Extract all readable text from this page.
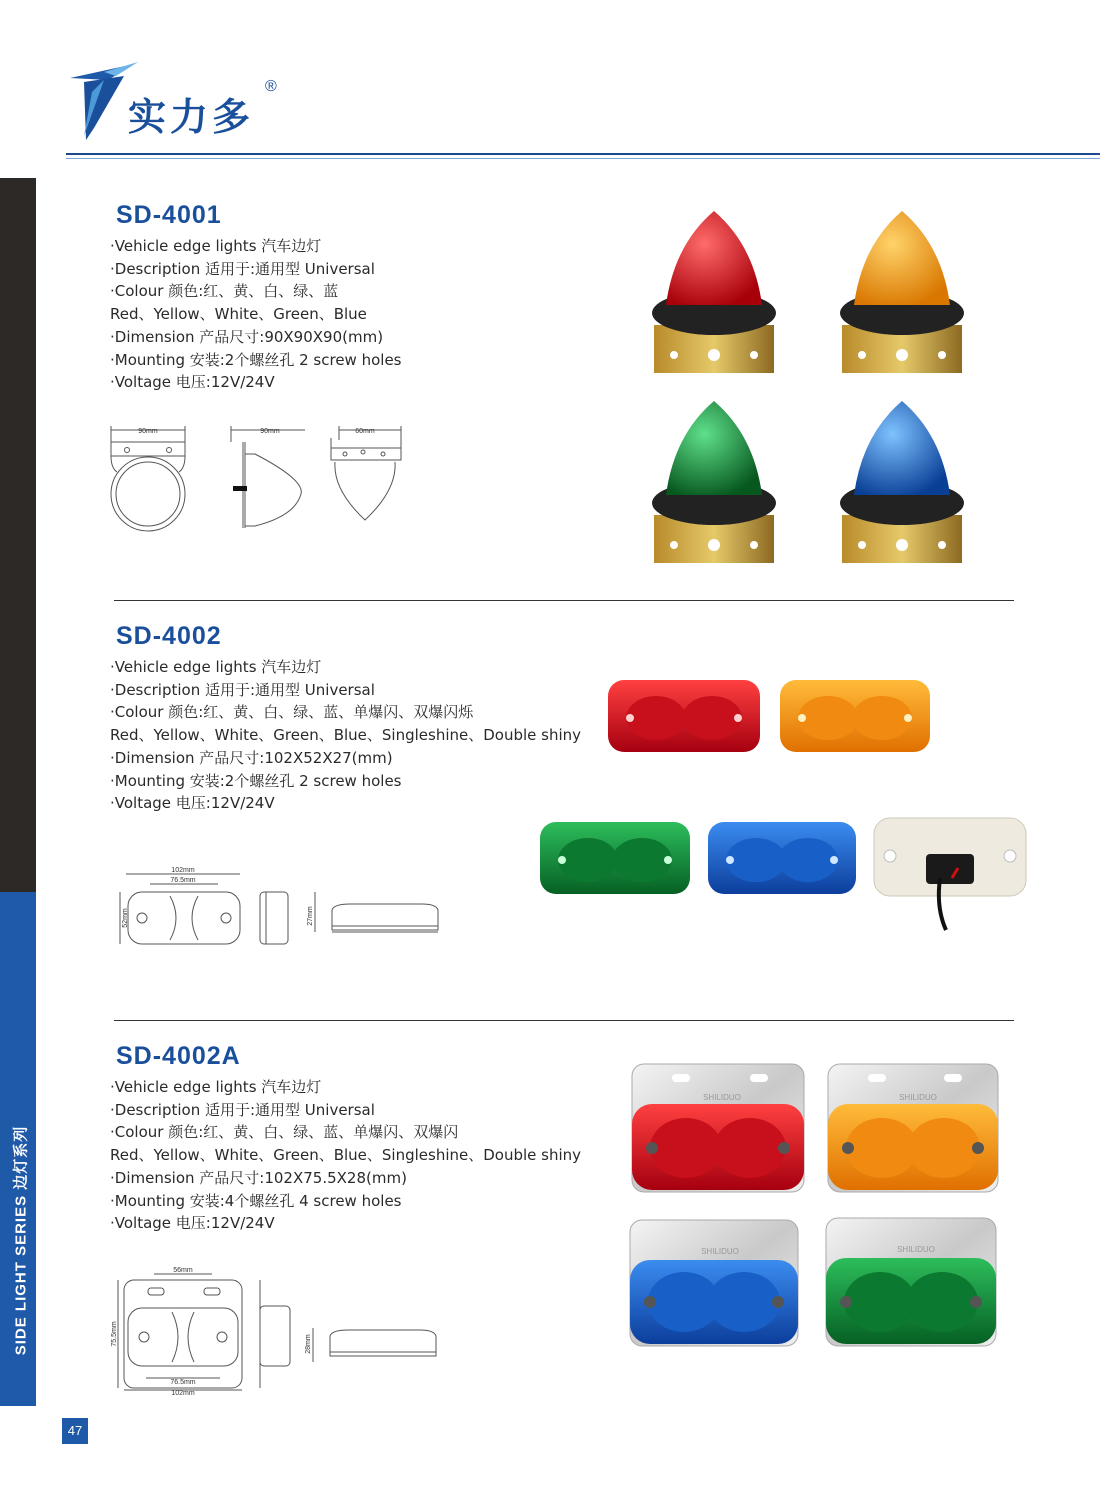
实力多
®
SIDE LIGHT SERIES 边灯系列
47
SD-4001
·Vehicle edge lights 汽车边灯
·Description 适用于:通用型 Universal
·Colour 颜色:红、黄、白、绿、蓝
Red、Yellow、White、Green、Blue
·Dimension 产品尺寸:90X90X90(mm)
·Mounting 安装:2个螺丝孔 2 screw holes
·Voltage 电压:12V/24V
90mm	90mm	60mm
SD-4002
·Vehicle edge lights 汽车边灯
·Description 适用于:通用型 Universal
·Colour 颜色:红、黄、白、绿、蓝、单爆闪、双爆闪烁
Red、Yellow、White、Green、Blue、Singleshine、Double shiny
·Dimension 产品尺寸:102X52X27(mm)
·Mounting 安装:2个螺丝孔 2 screw holes
·Voltage 电压:12V/24V
102mm
76.5mm
52mm	27mm
SD-4002A
·Vehicle edge lights 汽车边灯
·Description 适用于:通用型 Universal
·Colour 颜色:红、黄、白、绿、蓝、单爆闪、双爆闪
Red、Yellow、White、Green、Blue、Singleshine、Double shiny
·Dimension 产品尺寸:102X75.5X28(mm)
·Mounting 安装:4个螺丝孔 4 screw holes
·Voltage 电压:12V/24V
56mm
75.5mm
76.5mm
102mm
28mm
SHILIDUO	SHILIDUO
SHILIDUO	SHILIDUO
